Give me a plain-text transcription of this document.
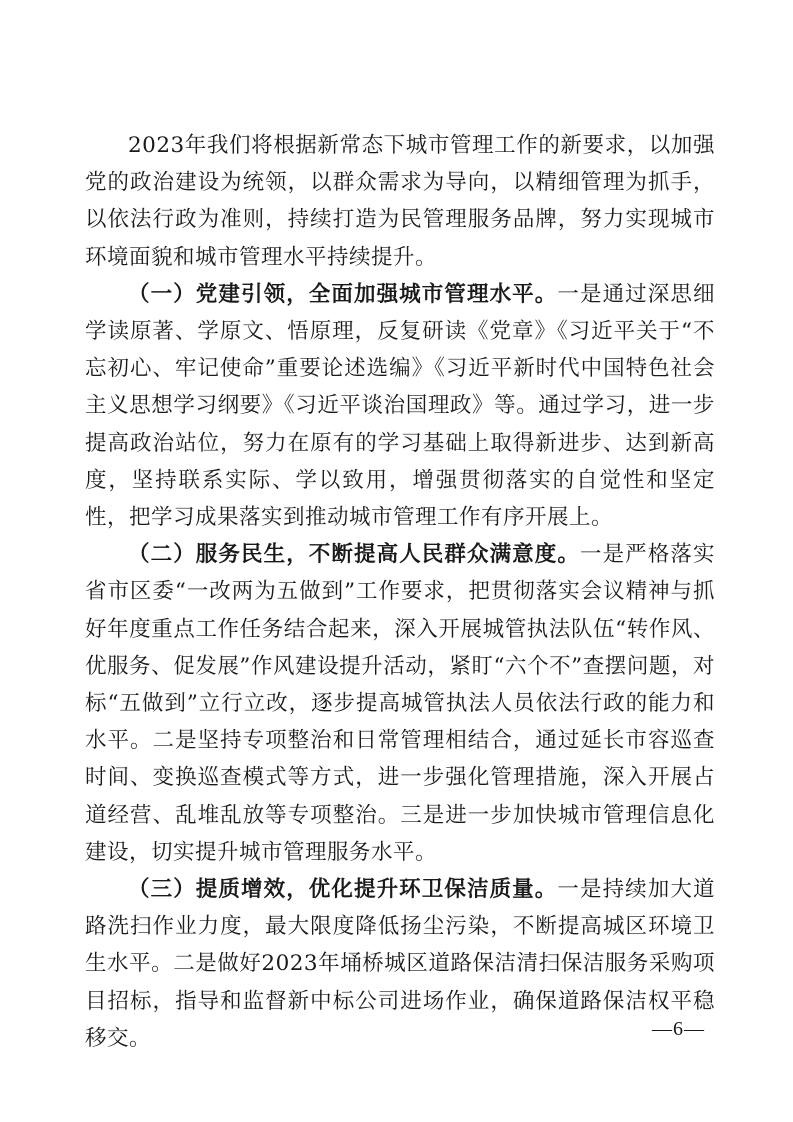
2023年我们将根据新常态下城市管理工作的新要求，以加强党的政治建设为统领，以群众需求为导向，以精细管理为抓手，以依法行政为准则，持续打造为民管理服务品牌，努力实现城市环境面貌和城市管理水平持续提升。

（一）党建引领，全面加强城市管理水平。一是通过深思细学读原著、学原文、悟原理，反复研读《党章》《习近平关于“不忘初心、牢记使命”重要论述选编》《习近平新时代中国特色社会主义思想学习纲要》《习近平谈治国理政》等。通过学习，进一步提高政治站位，努力在原有的学习基础上取得新进步、达到新高度，坚持联系实际、学以致用，增强贯彻落实的自觉性和坚定性，把学习成果落实到推动城市管理工作有序开展上。

（二）服务民生，不断提高人民群众满意度。一是严格落实省市区委“一改两为五做到”工作要求，把贯彻落实会议精神与抓好年度重点工作任务结合起来，深入开展城管执法队伍“转作风、优服务、促发展”作风建设提升活动，紧盯“六个不”查摆问题，对标“五做到”立行立改，逐步提高城管执法人员依法行政的能力和水平。二是坚持专项整治和日常管理相结合，通过延长市容巡查时间、变换巡查模式等方式，进一步强化管理措施，深入开展占道经营、乱堆乱放等专项整治。三是进一步加快城市管理信息化建设，切实提升城市管理服务水平。

（三）提质增效，优化提升环卫保洁质量。一是持续加大道路洗扫作业力度，最大限度降低扬尘污染，不断提高城区环境卫生水平。二是做好2023年埇桥城区道路保洁清扫保洁服务采购项目招标，指导和监督新中标公司进场作业，确保道路保洁权平稳移交。	—6—
